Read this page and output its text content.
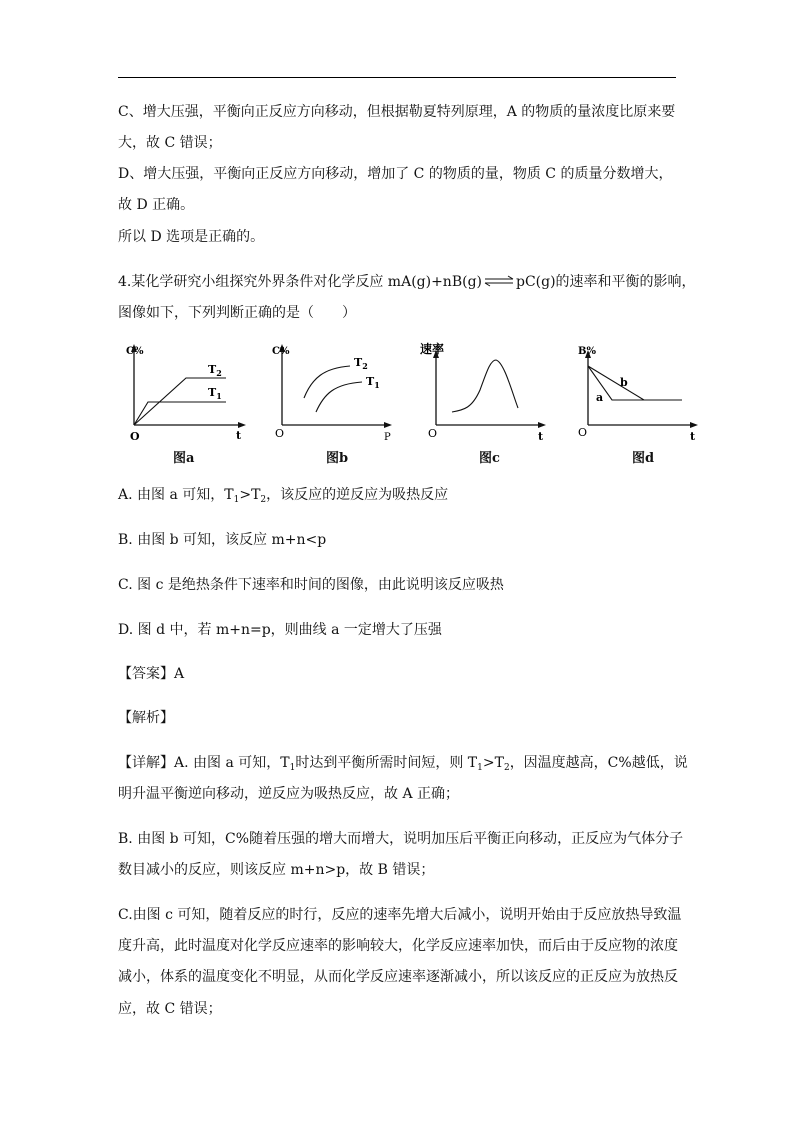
C、增大压强，平衡向正反应方向移动，但根据勒夏特列原理，A 的物质的量浓度比原来要
大，故 C 错误；
D、增大压强，平衡向正反应方向移动，增加了 C 的物质的量，物质 C 的质量分数增大，
故 D 正确。
所以 D 选项是正确的。
4.某化学研究小组探究外界条件对化学反应 mA(g)+nB(g) ⇌ pC(g)的速率和平衡的影响，
图像如下，下列判断正确的是（　　）
C%
t
O
$T_2$
$T_1$
图a
C%
P
O
$T_2$
$T_1$
图b
速率
t
O
图c
B%
t
O
a
b
图d
A. 由图 a 可知，$T_1>T_2$，该反应的逆反应为吸热反应
B. 由图 b 可知，该反应 m+n<p
C. 图 c 是绝热条件下速率和时间的图像，由此说明该反应吸热
D. 图 d 中，若 m+n=p，则曲线 a 一定增大了压强
【答案】A
【解析】
【详解】A. 由图 a 可知，$T_1$时达到平衡所需时间短，则 $T_1>T_2$，因温度越高，C%越低，说
明升温平衡逆向移动，逆反应为吸热反应，故 A 正确；
B. 由图 b 可知，C%随着压强的增大而增大，说明加压后平衡正向移动，正反应为气体分子
数目减小的反应，则该反应 m+n>p，故 B 错误；
C.由图 c 可知，随着反应的时行，反应的速率先增大后减小，说明开始由于反应放热导致温
度升高，此时温度对化学反应速率的影响较大，化学反应速率加快，而后由于反应物的浓度
减小，体系的温度变化不明显，从而化学反应速率逐渐减小，所以该反应的正反应为放热反
应，故 C 错误；
